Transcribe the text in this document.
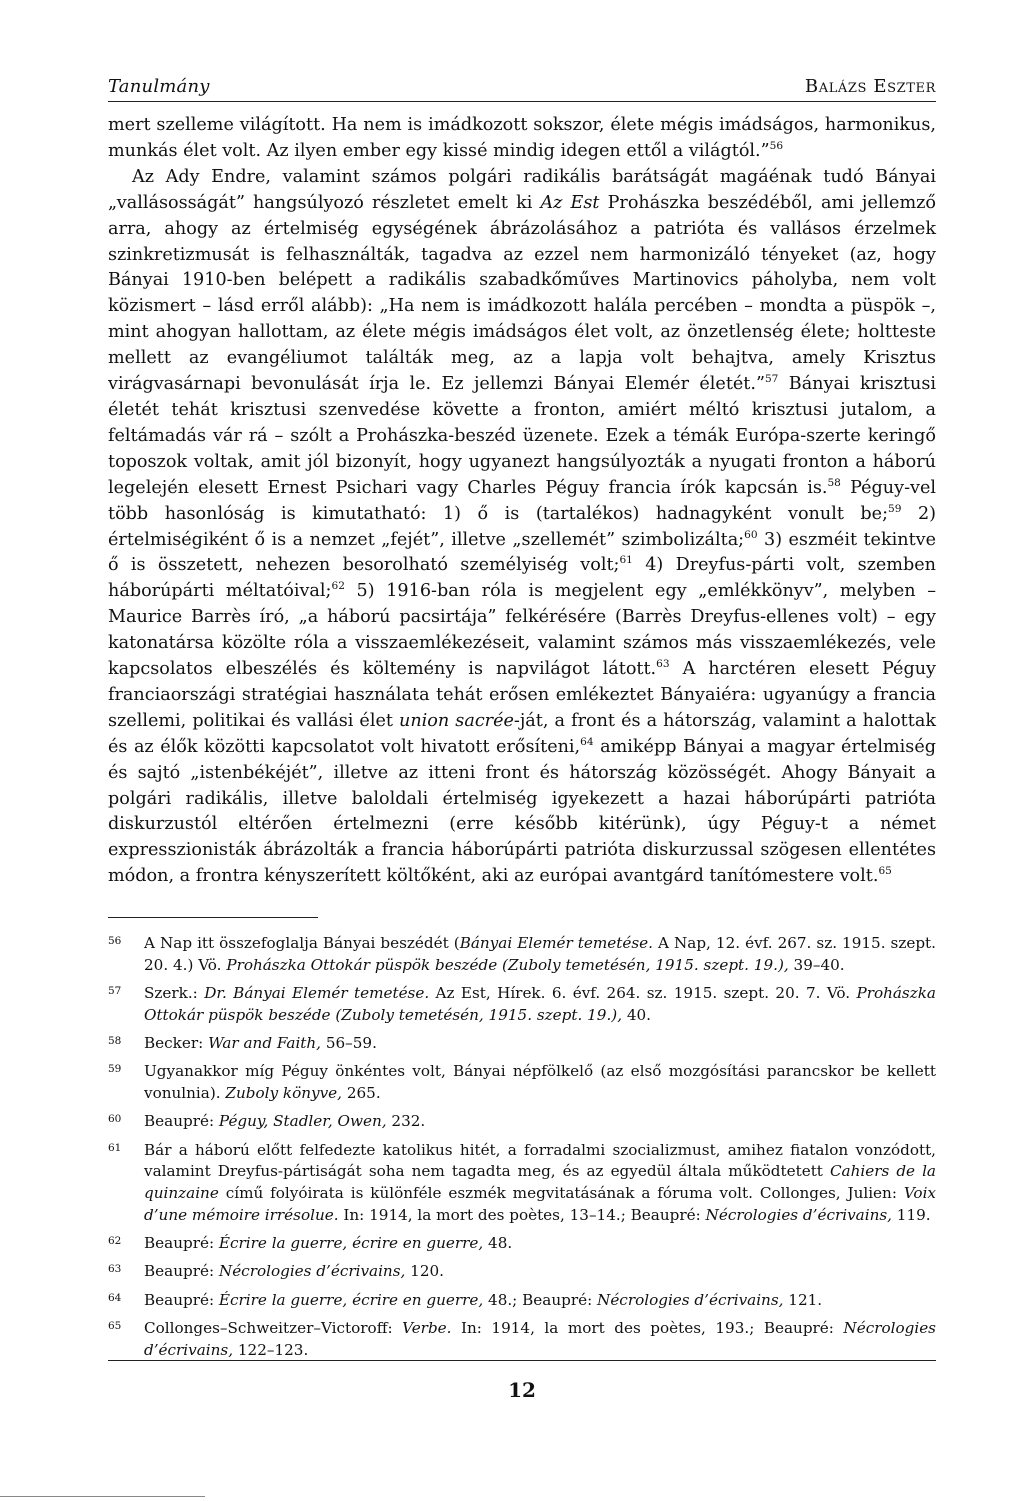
Tanulmány	Balázs Eszter

mert szelleme világított. Ha nem is imádkozott sokszor, élete mégis imádságos, harmonikus, munkás élet volt. Az ilyen ember egy kissé mindig idegen ettől a világtól.”$^{56}$

Az Ady Endre, valamint számos polgári radikális barátságát magáénak tudó Bányai „vallásosságát” hangsúlyozó részletet emelt ki Az Est Prohászka beszédéből, ami jellemző arra, ahogy az értelmiség egységének ábrázolásához a patrióta és vallásos érzelmek szinkretizmusát is felhasználták, tagadva az ezzel nem harmonizáló tényeket (az, hogy Bányai 1910-ben belépett a radikális szabadkőműves Martinovics páholyba, nem volt közismert – lásd erről alább): „Ha nem is imádkozott halála percében – mondta a püspök –, mint ahogyan hallottam, az élete mégis imádságos élet volt, az önzetlenség élete; holtteste mellett az evangéliumot találták meg, az a lapja volt behajtva, amely Krisztus virágvasárnapi bevonulását írja le. Ez jellemzi Bányai Elemér életét.”$^{57}$ Bányai krisztusi életét tehát krisztusi szenvedése követte a fronton, amiért méltó krisztusi jutalom, a feltámadás vár rá – szólt a Prohászka-beszéd üzenete. Ezek a témák Európa-szerte keringő toposzok voltak, amit jól bizonyít, hogy ugyanezt hangsúlyozták a nyugati fronton a háború legelején elesett Ernest Psichari vagy Charles Péguy francia írók kapcsán is.$^{58}$ Péguy-vel több hasonlóság is kimutatható: 1) ő is (tartalékos) hadnagyként vonult be;$^{59}$ 2) értelmiségiként ő is a nemzet „fejét”, illetve „szellemét” szimbolizálta;$^{60}$ 3) eszméit tekintve ő is összetett, nehezen besorolható személyiség volt;$^{61}$ 4) Dreyfus-párti volt, szemben háborúpárti méltatóival;$^{62}$ 5) 1916-ban róla is megjelent egy „emlékkönyv”, melyben – Maurice Barrès író, „a háború pacsirtája” felkérésére (Barrès Dreyfus-ellenes volt) – egy katonatársa közölte róla a visszaemlékezéseit, valamint számos más visszaemlékezés, vele kapcsolatos elbeszélés és költemény is napvilágot látott.$^{63}$ A harctéren elesett Péguy franciaországi stratégiai használata tehát erősen emlékeztet Bányaiéra: ugyanúgy a francia szellemi, politikai és vallási élet union sacrée-ját, a front és a hátország, valamint a halottak és az élők közötti kapcsolatot volt hivatott erősíteni,$^{64}$ amiképp Bányai a magyar értelmiség és sajtó „istenbékéjét”, illetve az itteni front és hátország közösségét. Ahogy Bányait a polgári radikális, illetve baloldali értelmiség igyekezett a hazai háborúpárti patrióta diskurzustól eltérően értelmezni (erre később kitérünk), úgy Péguy-t a német expresszionisták ábrázolták a francia háborúpárti patrióta diskurzussal szögesen ellentétes módon, a frontra kényszerített költőként, aki az európai avantgárd tanítómestere volt.$^{65}$

56	A Nap itt összefoglalja Bányai beszédét (Bányai Elemér temetése. A Nap, 12. évf. 267. sz. 1915. szept. 20. 4.) Vö. Prohászka Ottokár püspök beszéde (Zuboly temetésén, 1915. szept. 19.), 39–40.
57	Szerk.: Dr. Bányai Elemér temetése. Az Est, Hírek. 6. évf. 264. sz. 1915. szept. 20. 7. Vö. Prohászka Ottokár püspök beszéde (Zuboly temetésén, 1915. szept. 19.), 40.
58	Becker: War and Faith, 56–59.
59	Ugyanakkor míg Péguy önkéntes volt, Bányai népfölkelő (az első mozgósítási parancskor be kellett vonulnia). Zuboly könyve, 265.
60	Beaupré: Péguy, Stadler, Owen, 232.
61	Bár a háború előtt felfedezte katolikus hitét, a forradalmi szocializmust, amihez fiatalon vonzódott, valamint Dreyfus-pártiságát soha nem tagadta meg, és az egyedül általa működtetett Cahiers de la quinzaine című folyóirata is különféle eszmék megvitatásának a fóruma volt. Collonges, Julien: Voix d’une mémoire irrésolue. In: 1914, la mort des poètes, 13–14.; Beaupré: Nécrologies d’écrivains, 119.
62	Beaupré: Écrire la guerre, écrire en guerre, 48.
63	Beaupré: Nécrologies d’écrivains, 120.
64	Beaupré: Écrire la guerre, écrire en guerre, 48.; Beaupré: Nécrologies d’écrivains, 121.
65	Collonges–Schweitzer–Victoroff: Verbe. In: 1914, la mort des poètes, 193.; Beaupré: Nécrologies d’écrivains, 122–123.
12
